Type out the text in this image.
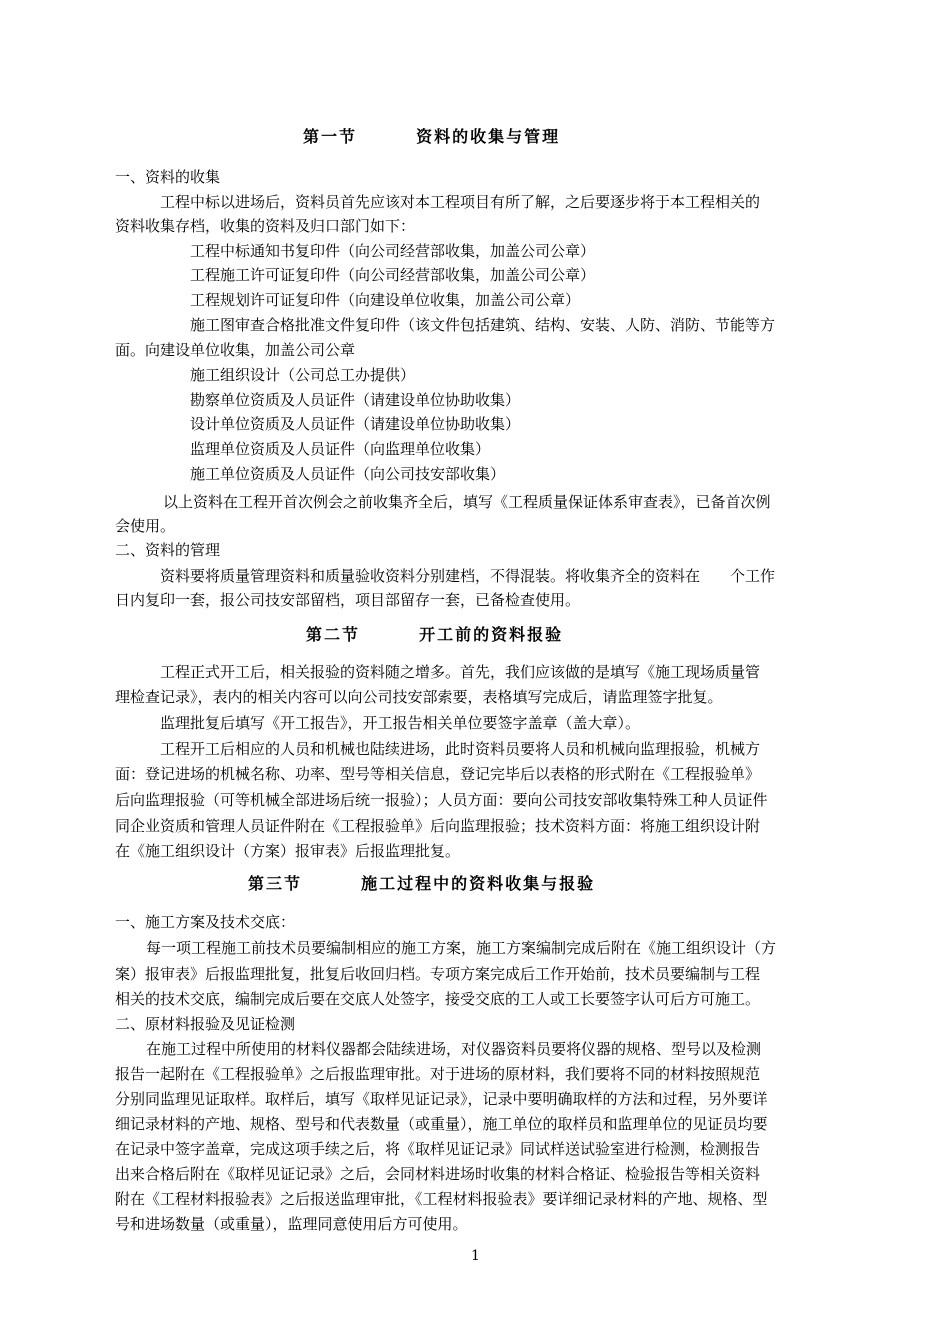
第一节	资料的收集与管理
一、资料的收集
工程中标以进场后，资料员首先应该对本工程项目有所了解，之后要逐步将于本工程相关的
资料收集存档，收集的资料及归口部门如下：
工程中标通知书复印件（向公司经营部收集，加盖公司公章）
工程施工许可证复印件（向公司经营部收集，加盖公司公章）
工程规划许可证复印件（向建设单位收集，加盖公司公章）
施工图审查合格批准文件复印件（该文件包括建筑、结构、安装、人防、消防、节能等方
面。向建设单位收集，加盖公司公章
施工组织设计（公司总工办提供）
勘察单位资质及人员证件（请建设单位协助收集）
设计单位资质及人员证件（请建设单位协助收集）
监理单位资质及人员证件（向监理单位收集）
施工单位资质及人员证件（向公司技安部收集）
以上资料在工程开首次例会之前收集齐全后，填写《工程质量保证体系审查表》，已备首次例
会使用。
二、资料的管理
资料要将质量管理资料和质量验收资料分别建档，不得混装。将收集齐全的资料在　　个工作
日内复印一套，报公司技安部留档，项目部留存一套，已备检查使用。
第二节	开工前的资料报验
工程正式开工后，相关报验的资料随之增多。首先，我们应该做的是填写《施工现场质量管
理检查记录》，表内的相关内容可以向公司技安部索要，表格填写完成后，请监理签字批复。
监理批复后填写《开工报告》，开工报告相关单位要签字盖章（盖大章）。
工程开工后相应的人员和机械也陆续进场，此时资料员要将人员和机械向监理报验，机械方
面：登记进场的机械名称、功率、型号等相关信息，登记完毕后以表格的形式附在《工程报验单》
后向监理报验（可等机械全部进场后统一报验）；人员方面：要向公司技安部收集特殊工种人员证件
同企业资质和管理人员证件附在《工程报验单》后向监理报验；技术资料方面：将施工组织设计附
在《施工组织设计（方案）报审表》后报监理批复。
第三节	施工过程中的资料收集与报验
一、施工方案及技术交底：
每一项工程施工前技术员要编制相应的施工方案，施工方案编制完成后附在《施工组织设计（方
案）报审表》后报监理批复，批复后收回归档。专项方案完成后工作开始前，技术员要编制与工程
相关的技术交底，编制完成后要在交底人处签字，接受交底的工人或工长要签字认可后方可施工。
二、原材料报验及见证检测
在施工过程中所使用的材料仪器都会陆续进场，对仪器资料员要将仪器的规格、型号以及检测
报告一起附在《工程报验单》之后报监理审批。对于进场的原材料，我们要将不同的材料按照规范
分别同监理见证取样。取样后，填写《取样见证记录》，记录中要明确取样的方法和过程，另外要详
细记录材料的产地、规格、型号和代表数量（或重量），施工单位的取样员和监理单位的见证员均要
在记录中签字盖章，完成这项手续之后，将《取样见证记录》同试样送试验室进行检测，检测报告
出来合格后附在《取样见证记录》之后，会同材料进场时收集的材料合格证、检验报告等相关资料
附在《工程材料报验表》之后报送监理审批，《工程材料报验表》要详细记录材料的产地、规格、型
号和进场数量（或重量），监理同意使用后方可使用。
1
